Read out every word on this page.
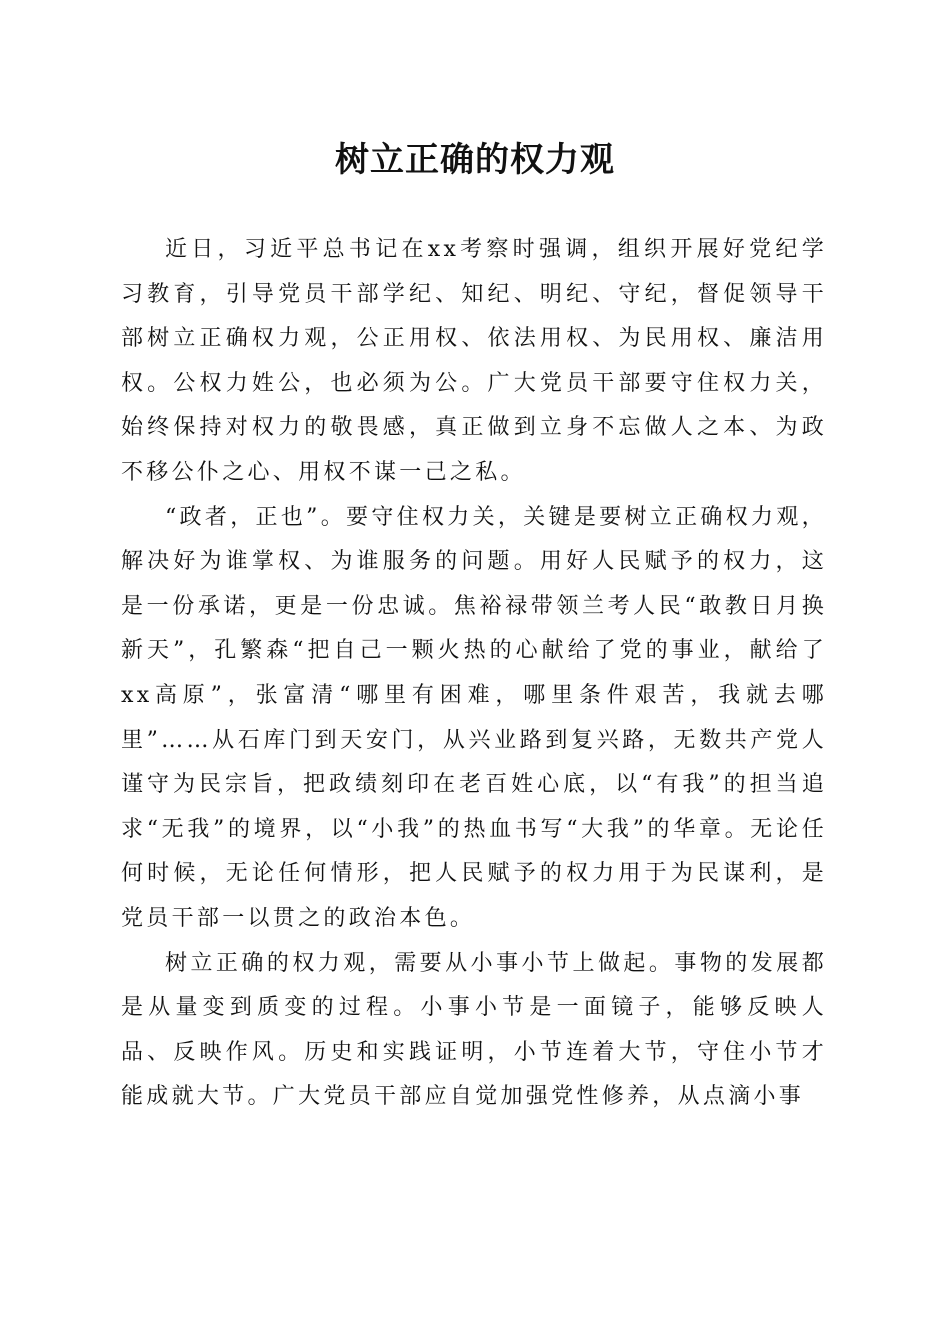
树立正确的权力观

近日，习近平总书记在xx考察时强调，组织开展好党纪学习教育，引导党员干部学纪、知纪、明纪、守纪，督促领导干部树立正确权力观，公正用权、依法用权、为民用权、廉洁用权。公权力姓公，也必须为公。广大党员干部要守住权力关，始终保持对权力的敬畏感，真正做到立身不忘做人之本、为政不移公仆之心、用权不谋一己之私。

“政者，正也”。要守住权力关，关键是要树立正确权力观，解决好为谁掌权、为谁服务的问题。用好人民赋予的权力，这是一份承诺，更是一份忠诚。焦裕禄带领兰考人民“敢教日月换新天”，孔繁森“把自己一颗火热的心献给了党的事业，献给了xx高原”，张富清“哪里有困难，哪里条件艰苦，我就去哪里”……从石库门到天安门，从兴业路到复兴路，无数共产党人谨守为民宗旨，把政绩刻印在老百姓心底，以“有我”的担当追求“无我”的境界，以“小我”的热血书写“大我”的华章。无论任何时候，无论任何情形，把人民赋予的权力用于为民谋利，是党员干部一以贯之的政治本色。

树立正确的权力观，需要从小事小节上做起。事物的发展都是从量变到质变的过程。小事小节是一面镜子，能够反映人品、反映作风。历史和实践证明，小节连着大节，守住小节才能成就大节。广大党员干部应自觉加强党性修养，从点滴小事
